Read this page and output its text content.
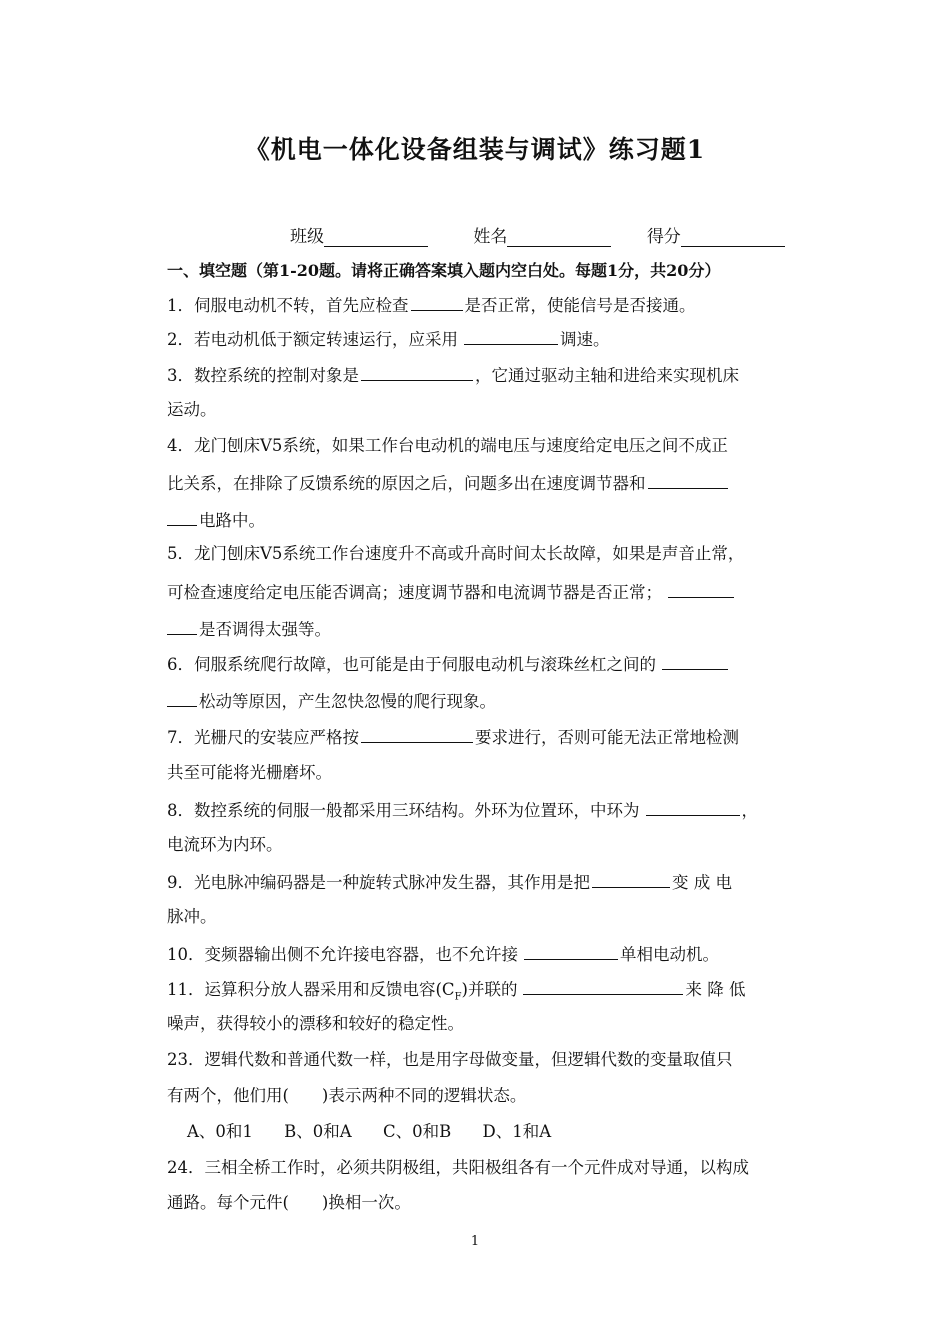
《机电一体化设备组装与调试》练习题1
班级	姓名	得分
一、填空题（第1-20题。请将正确答案填入题内空白处。每题1分，共20分）
1．伺服电动机不转，首先应检查	是否正常，使能信号是否接通。
2．若电动机低于额定转速运行，应采用	调速。
3．数控系统的控制对象是	，它通过驱动主轴和进给来实现机床
运动。
4．龙门刨床V5系统，如果工作台电动机的端电压与速度给定电压之间不成正
比关系，在排除了反馈系统的原因之后，问题多出在速度调节器和
电路中。
5．龙门刨床V5系统工作台速度升不高或升高时间太长故障，如果是声音止常，
可检查速度给定电压能否调高；速度调节器和电流调节器是否正常；
是否调得太强等。
6．伺服系统爬行故障，也可能是由于伺服电动机与滚珠丝杠之间的
松动等原因，产生忽快忽慢的爬行现象。
7．光栅尺的安装应严格按	要求进行，否则可能无法正常地检测
共至可能将光栅磨坏。
8．数控系统的伺服一般都采用三环结构。外环为位置环，中环为	，
电流环为内环。
9．光电脉冲编码器是一种旋转式脉冲发生器，其作用是把	变 成 电
脉冲。
10．变频器输出侧不允许接电容器，也不允许接	单相电动机。
11．运算积分放人器采用和反馈电容$(C_F)$并联的	来 降 低
噪声，获得较小的漂移和较好的稳定性。
23．逻辑代数和普通代数一样，也是用字母做变量，但逻辑代数的变量取值只
有两个，他们用(　　)表示两种不同的逻辑状态。
A、0和1 B、0和A C、0和B D、1和A
24．三相全桥工作时，必须共阴极组，共阳极组各有一个元件成对导通，以构成
通路。每个元件(　　)换相一次。
1
